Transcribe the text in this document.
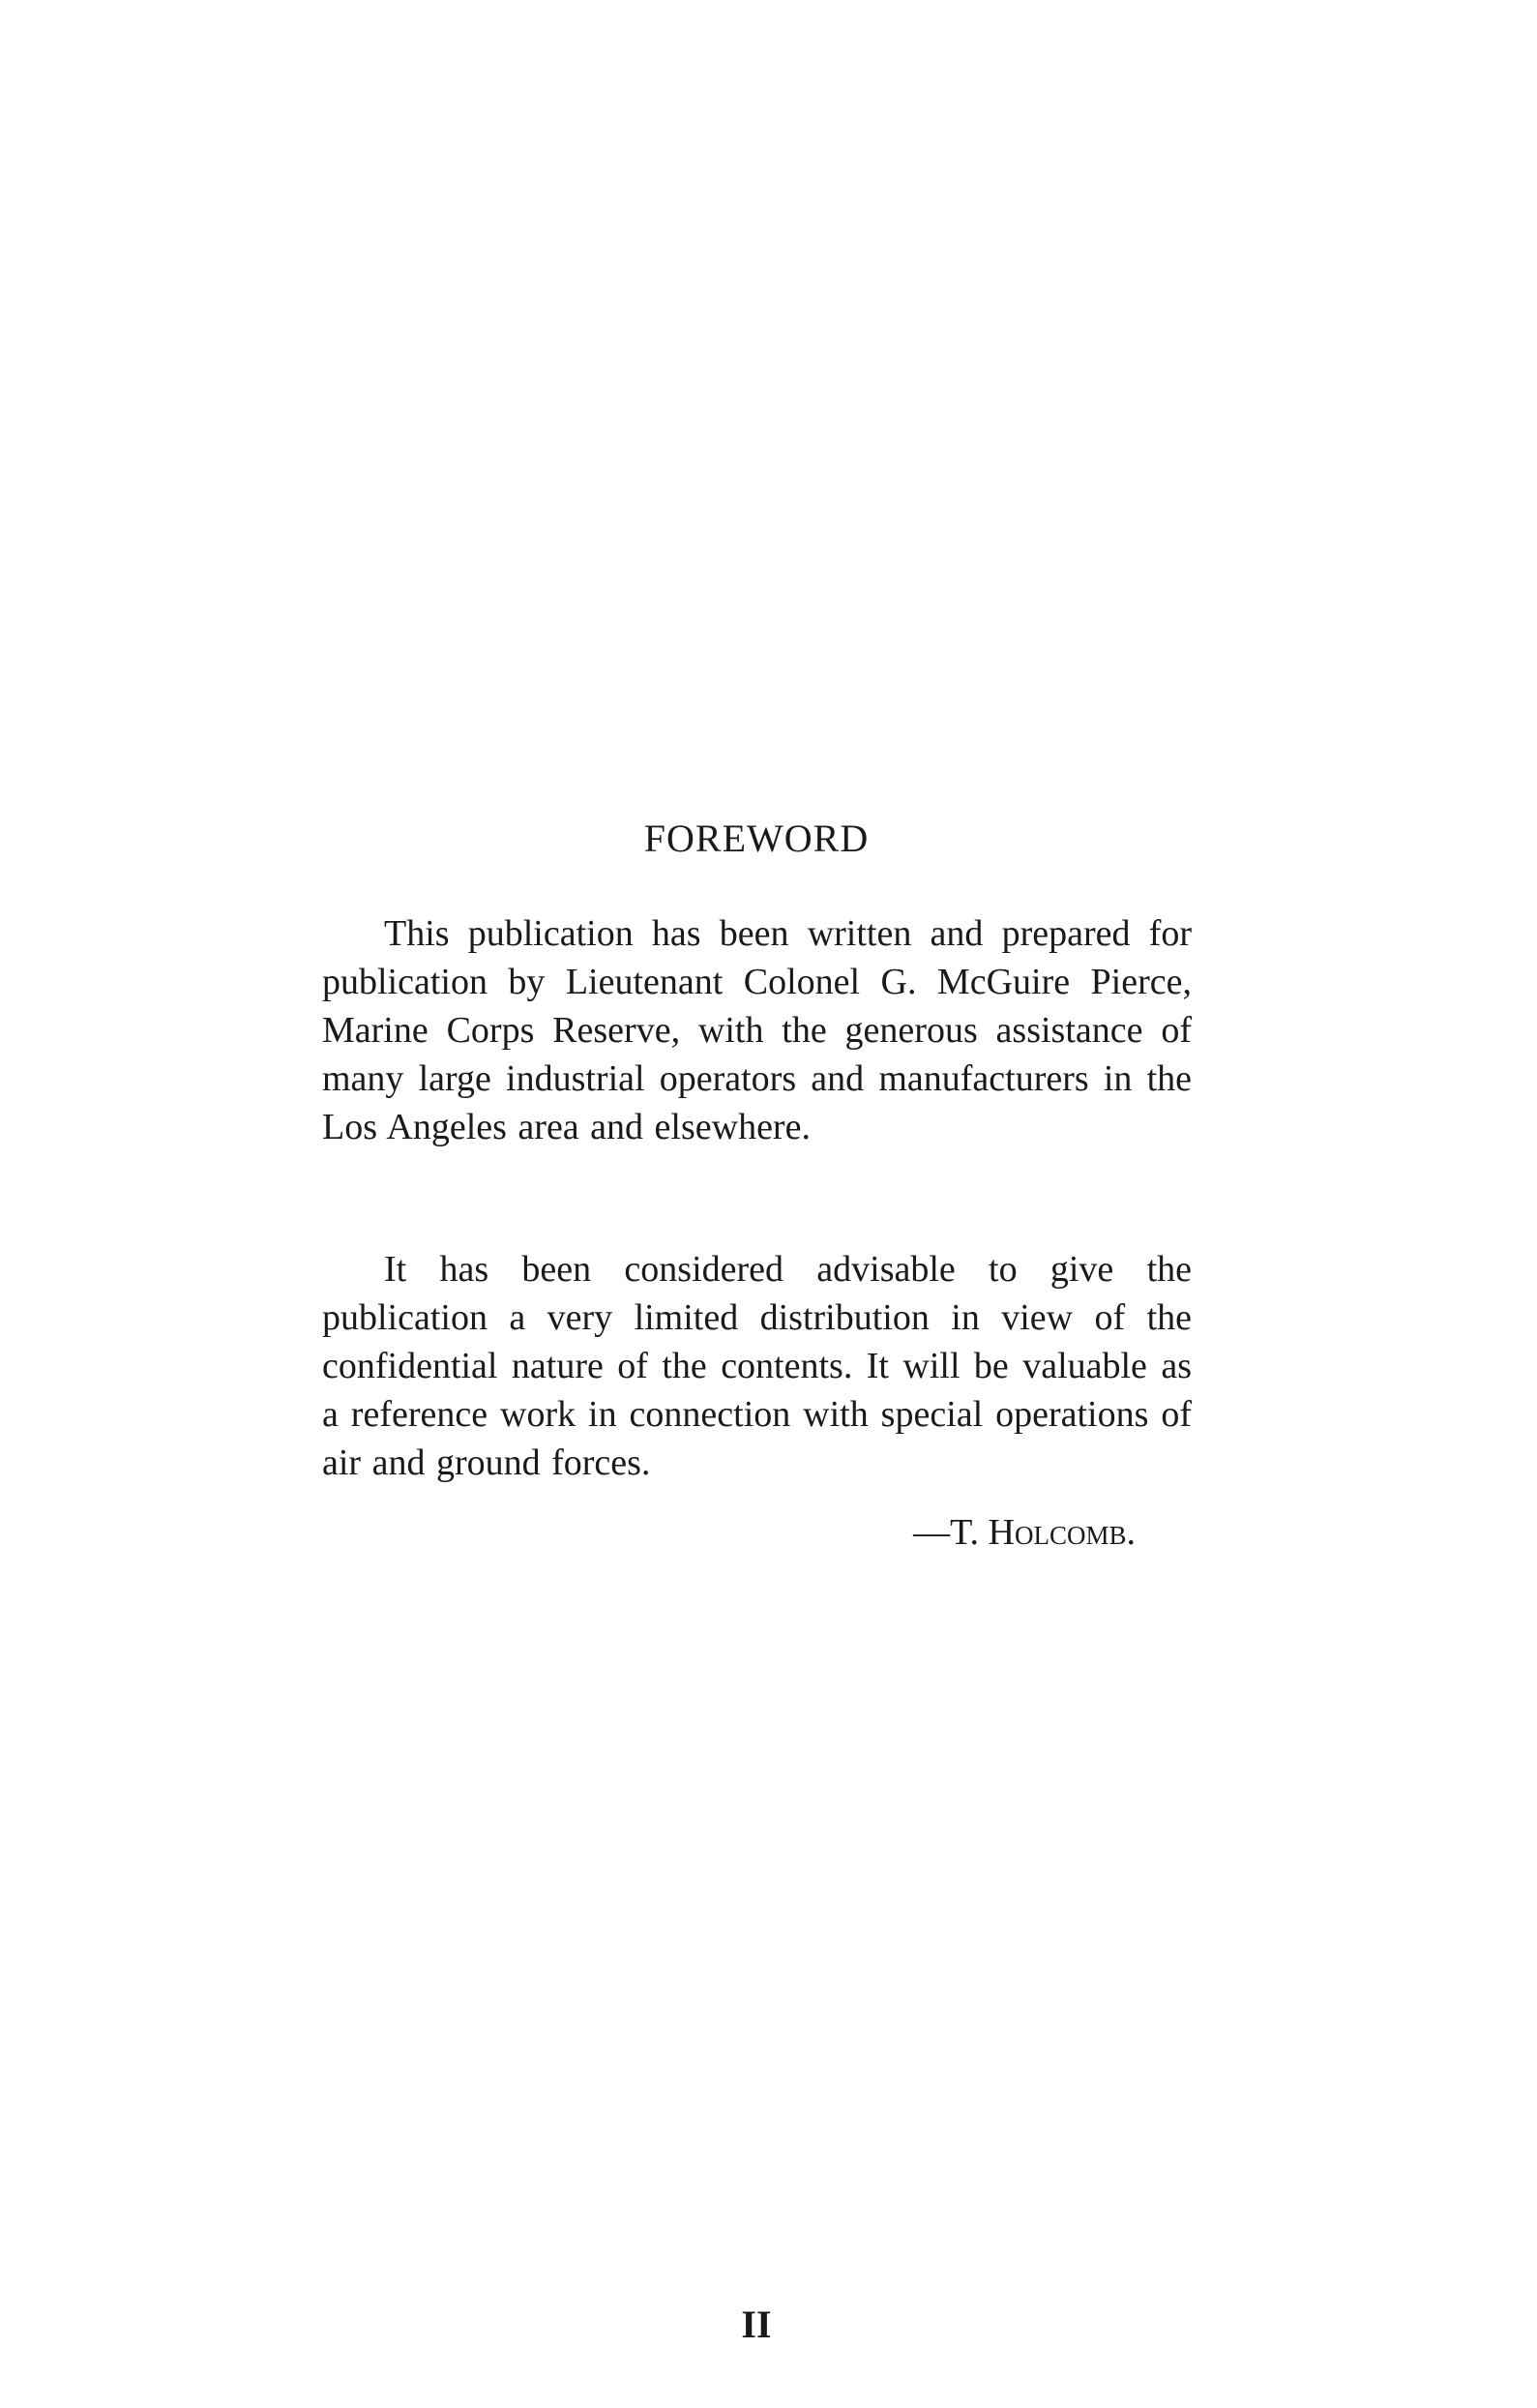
FOREWORD
This publication has been written and prepared for publication by Lieutenant Colonel G. McGuire Pierce, Marine Corps Reserve, with the generous assistance of many large industrial operators and manufacturers in the Los Angeles area and elsewhere.
It has been considered advisable to give the publication a very limited distribution in view of the confidential nature of the contents. It will be valuable as a reference work in connection with special operations of air and ground forces.
—T. Holcomb.
II
